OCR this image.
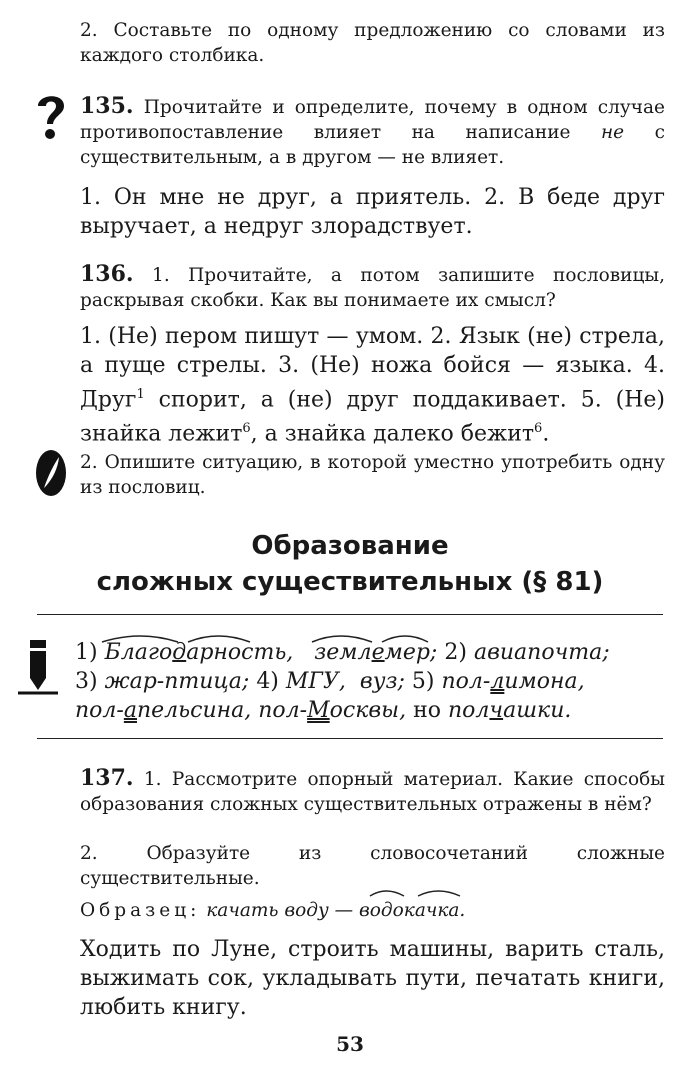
2. Составьте по одному предложению со словами из каждого столбика.
135. Прочитайте и определите, почему в одном случае противопоставление влияет на написание не с существительным, а в другом — не влияет.
1. Он мне не друг, а приятель. 2. В беде друг выручает, а недруг злорадствует.
136. 1. Прочитайте, а потом запишите пословицы, раскрывая скобки. Как вы понимаете их смысл?
1. (Не) пером пишут — умом. 2. Язык (не) стрела, а пуще стрелы. 3. (Не) ножа бойся — языка. 4. Друг$^1$ спорит, а (не) друг поддакивает. 5. (Не) знайка лежит$^6$, а знайка далеко бежит$^6$.
2. Опишите ситуацию, в которой уместно употребить одну из пословиц.
Образование
сложных существительных (§ 81)
1) Благодарность, землемер; 2) авиапочта;
3) жар-птица; 4) МГУ, вуз; 5) пол-лимона,
пол-апельсина, пол-Москвы, но полчашки.
137. 1. Рассмотрите опорный материал. Какие способы образования сложных существительных отражены в нём?
2. Образуйте из словосочетаний сложные существительные.
Образец: качать воду — водокачка.
Ходить по Луне, строить машины, варить сталь, выжимать сок, укладывать пути, печатать книги, любить книгу.
53
